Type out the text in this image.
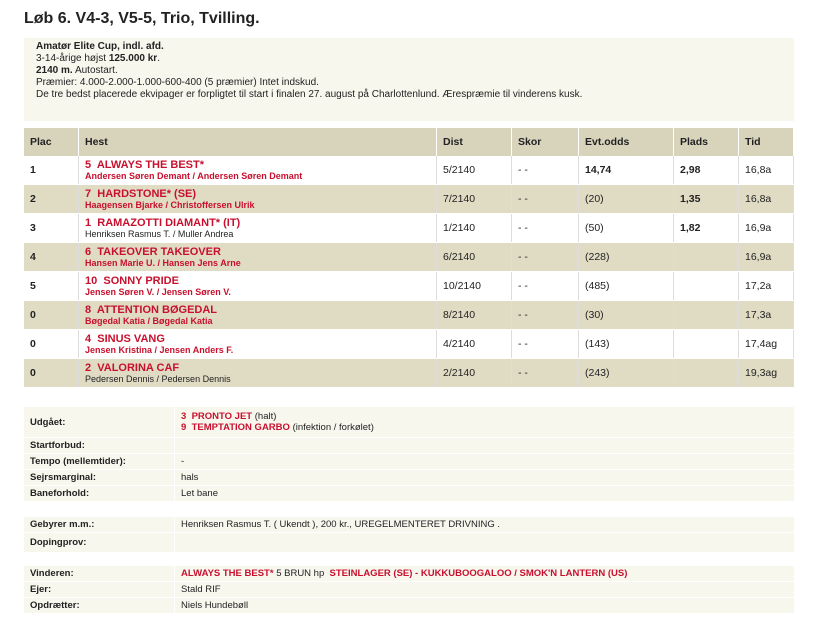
Løb 6. V4-3, V5-5, Trio, Tvilling.
Amatør Elite Cup, indl. afd.
3-14-årige højst 125.000 kr.
2140 m. Autostart.
Præmier: 4.000-2.000-1.000-600-400 (5 præmier) Intet indskud.
De tre bedst placerede ekvipager er forpligtet til start i finalen 27. august på Charlottenlund. Ærespræmie til vinderens kusk.
Plac	Hest	Dist	Skor	Evt.odds	Plads	Tid
1	5 ALWAYS THE BEST*
Andersen Søren Demant / Andersen Søren Demant	5/2140	- -	14,74	2,98	16,8a
2	7 HARDSTONE* (SE)
Haagensen Bjarke / Christoffersen Ulrik	7/2140	- -	(20)	1,35	16,8a
3	1 RAMAZOTTI DIAMANT* (IT)
Henriksen Rasmus T. / Muller Andrea	1/2140	- -	(50)	1,82	16,9a
4	6 TAKEOVER TAKEOVER
Hansen Marie U. / Hansen Jens Arne	6/2140	- -	(228)		16,9a
5	10 SONNY PRIDE
Jensen Søren V. / Jensen Søren V.	10/2140	- -	(485)		17,2a
0	8 ATTENTION BØGEDAL
Bøgedal Katia / Bøgedal Katia	8/2140	- -	(30)		17,3a
0	4 SINUS VANG
Jensen Kristina / Jensen Anders F.	4/2140	- -	(143)		17,4ag
0	2 VALORINA CAF
Pedersen Dennis / Pedersen Dennis	2/2140	- -	(243)		19,3ag
Udgået:	3 PRONTO JET (halt)
9 TEMPTATION GARBO (infektion / forkølet)

Startforbud:	
Tempo (mellemtider):	-
Sejrsmarginal:	hals
Baneforhold:	Let bane
Gebyrer m.m.:	Henriksen Rasmus T. ( Ukendt ), 200 kr., UREGELMENTERET DRIVNING .
Dopingprov:	
Vinderen:	ALWAYS THE BEST* 5 BRUN hp STEINLAGER (SE) - KUKKUBOOGALOO / SMOK'N LANTERN (US)
Ejer:	Stald RIF
Opdrætter:	Niels Hundebøll
